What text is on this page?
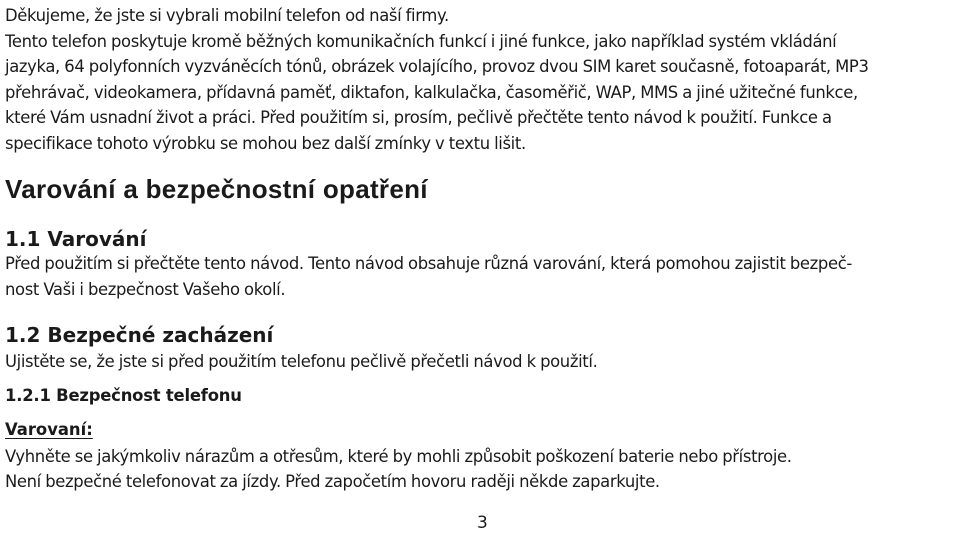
Děkujeme, že jste si vybrali mobilní telefon od naší firmy.
Tento telefon poskytuje kromě běžných komunikačních funkcí i jiné funkce, jako například systém vkládání
jazyka, 64 polyfonních vyzváněcích tónů, obrázek volajícího, provoz dvou SIM karet současně, fotoaparát, MP3
přehrávač, videokamera, přídavná paměť, diktafon, kalkulačka, časoměřič, WAP, MMS a jiné užitečné funkce,
které Vám usnadní život a práci. Před použitím si, prosím, pečlivě přečtěte tento návod k použití. Funkce a
specifikace tohoto výrobku se mohou bez další zmínky v textu lišit.
Varování a bezpečnostní opatření
1.1 Varování
Před použitím si přečtěte tento návod. Tento návod obsahuje různá varování, která pomohou zajistit bezpeč-
nost Vaši i bezpečnost Vašeho okolí.
1.2 Bezpečné zacházení
Ujistěte se, že jste si před použitím telefonu pečlivě přečetli návod k použití.
1.2.1 Bezpečnost telefonu
Varovaní:
Vyhněte se jakýmkoliv nárazům a otřesům, které by mohli způsobit poškození baterie nebo přístroje.
Není bezpečné telefonovat za jízdy. Před započetím hovoru raději někde zaparkujte.
3
